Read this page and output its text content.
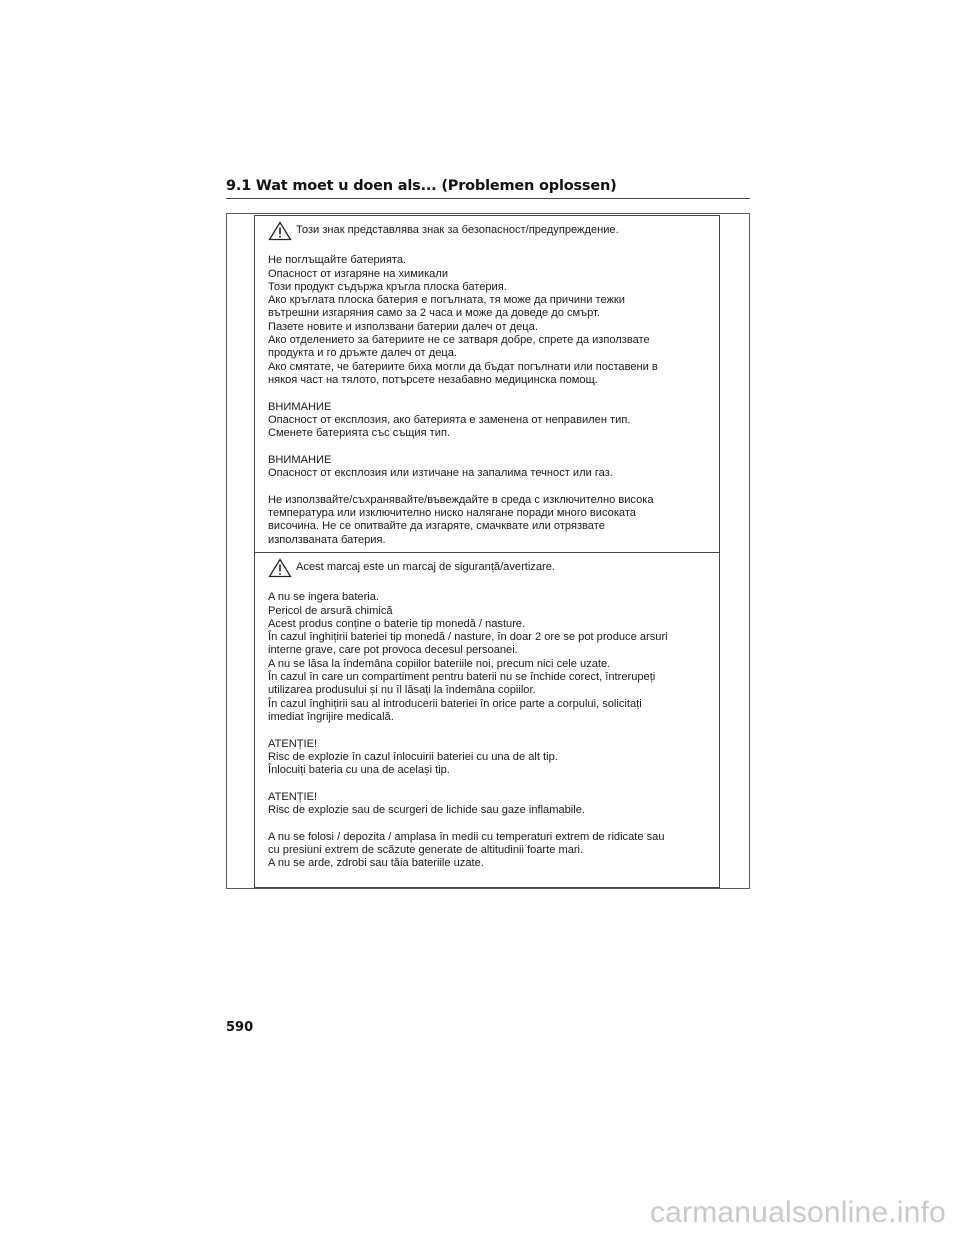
9.1 Wat moet u doen als... (Problemen oplossen)
Този знак представлява знак за безопасност/предупреждение.

Не поглъщайте батерията.

Опасност от изгаряне на химикали

Този продукт съдържа кръгла плоска батерия.

Ако кръглата плоска батерия е погълната, тя може да причини тежки

вътрешни изгаряния само за 2 часа и може да доведе до смърт.

Пазете новите и използвани батерии далеч от деца.

Ако отделението за батериите не се затваря добре, спрете да използвате

продукта и го дръжте далеч от деца.

Ако смятате, че батериите биха могли да бъдат погълнати или поставени в

някоя част на тялото, потърсете незабавно медицинска помощ.

ВНИМАНИЕ

Опасност от експлозия, ако батерията е заменена от неправилен тип.

Сменете батерията със същия тип.

ВНИМАНИЕ

Опасност от експлозия или изтичане на запалима течност или газ.

Не използвайте/съхранявайте/въвеждайте в среда с изключително висока

температура или изключително ниско налягане поради много високата

височина. Не се опитвайте да изгаряте, смачквате или отрязвате

използваната батерия.

Acest marcaj este un marcaj de siguranță/avertizare.

A nu se ingera bateria.

Pericol de arsură chimică

Acest produs conține o baterie tip monedă / nasture.

În cazul înghițirii bateriei tip monedă / nasture, în doar 2 ore se pot produce arsuri

interne grave, care pot provoca decesul persoanei.

A nu se lăsa la îndemâna copiilor bateriile noi, precum nici cele uzate.

În cazul în care un compartiment pentru baterii nu se închide corect, întrerupeți

utilizarea produsului și nu îl lăsați la îndemâna copiilor.

În cazul înghițirii sau al introducerii bateriei în orice parte a corpului, solicitați

imediat îngrijire medicală.

ATENȚIE!

Risc de explozie în cazul înlocuirii bateriei cu una de alt tip.

Înlocuiți bateria cu una de același tip.

ATENȚIE!

Risc de explozie sau de scurgeri de lichide sau gaze inflamabile.

A nu se folosi / depozita / amplasa în medii cu temperaturi extrem de ridicate sau

cu presiuni extrem de scăzute generate de altitudinii foarte mari.

A nu se arde, zdrobi sau tăia bateriile uzate.

590
carmanualsonline.info
